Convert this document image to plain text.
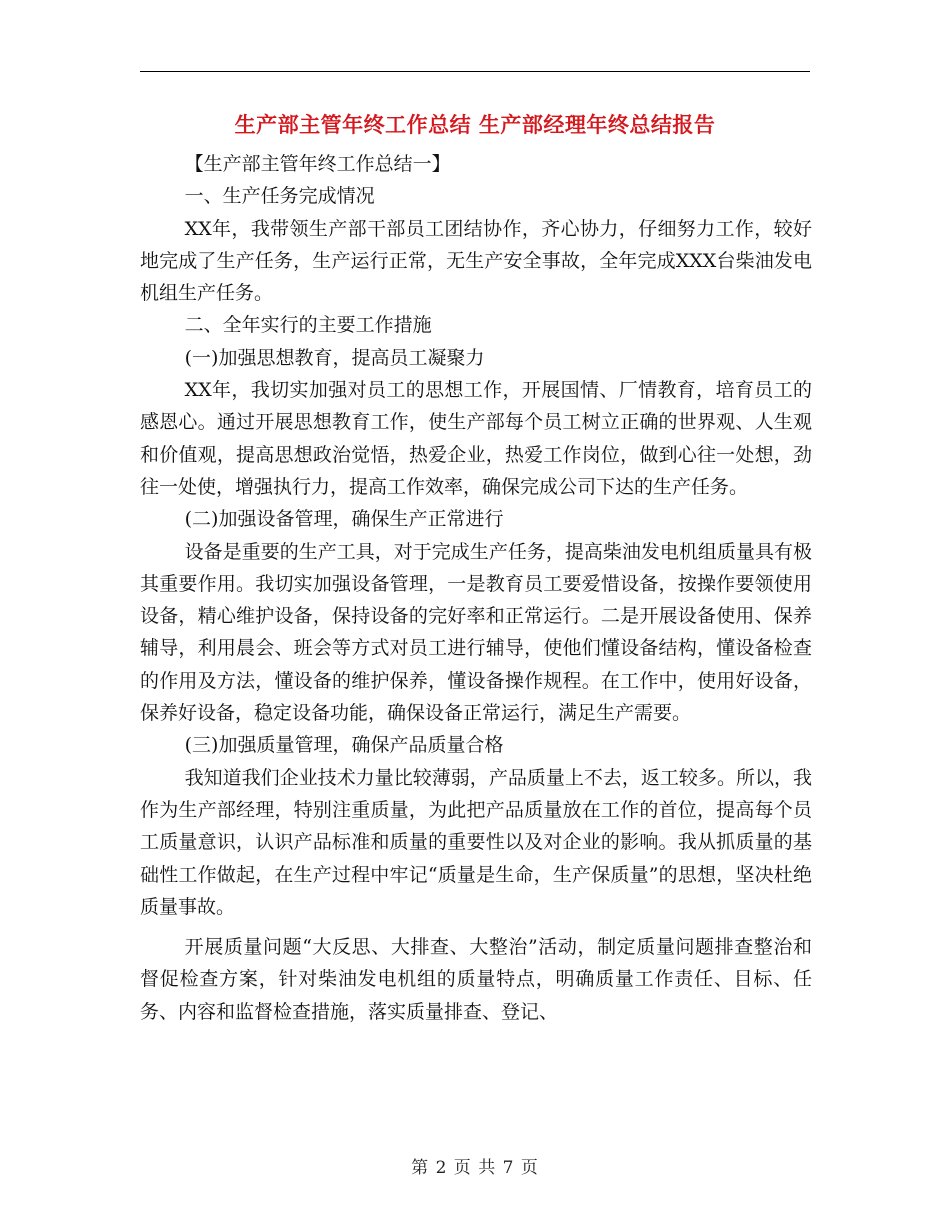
生产部主管年终工作总结 生产部经理年终总结报告

【生产部主管年终工作总结一】

一、生产任务完成情况

XX年，我带领生产部干部员工团结协作，齐心协力，仔细努力工作，较好地完成了生产任务，生产运行正常，无生产安全事故，全年完成XXX台柴油发电机组生产任务。

二、全年实行的主要工作措施

(一)加强思想教育，提高员工凝聚力

XX年，我切实加强对员工的思想工作，开展国情、厂情教育，培育员工的感恩心。通过开展思想教育工作，使生产部每个员工树立正确的世界观、人生观和价值观，提高思想政治觉悟，热爱企业，热爱工作岗位，做到心往一处想，劲往一处使，增强执行力，提高工作效率，确保完成公司下达的生产任务。

(二)加强设备管理，确保生产正常进行

设备是重要的生产工具，对于完成生产任务，提高柴油发电机组质量具有极其重要作用。我切实加强设备管理，一是教育员工要爱惜设备，按操作要领使用设备，精心维护设备，保持设备的完好率和正常运行。二是开展设备使用、保养辅导，利用晨会、班会等方式对员工进行辅导，使他们懂设备结构，懂设备检查的作用及方法，懂设备的维护保养，懂设备操作规程。在工作中，使用好设备，保养好设备，稳定设备功能，确保设备正常运行，满足生产需要。

(三)加强质量管理，确保产品质量合格

我知道我们企业技术力量比较薄弱，产品质量上不去，返工较多。所以，我作为生产部经理，特别注重质量，为此把产品质量放在工作的首位，提高每个员工质量意识，认识产品标准和质量的重要性以及对企业的影响。我从抓质量的基础性工作做起，在生产过程中牢记“质量是生命，生产保质量”的思想，坚决杜绝质量事故。

开展质量问题“大反思、大排查、大整治”活动，制定质量问题排查整治和督促检查方案，针对柴油发电机组的质量特点，明确质量工作责任、目标、任务、内容和监督检查措施，落实质量排查、登记、

第 2 页 共 7 页
